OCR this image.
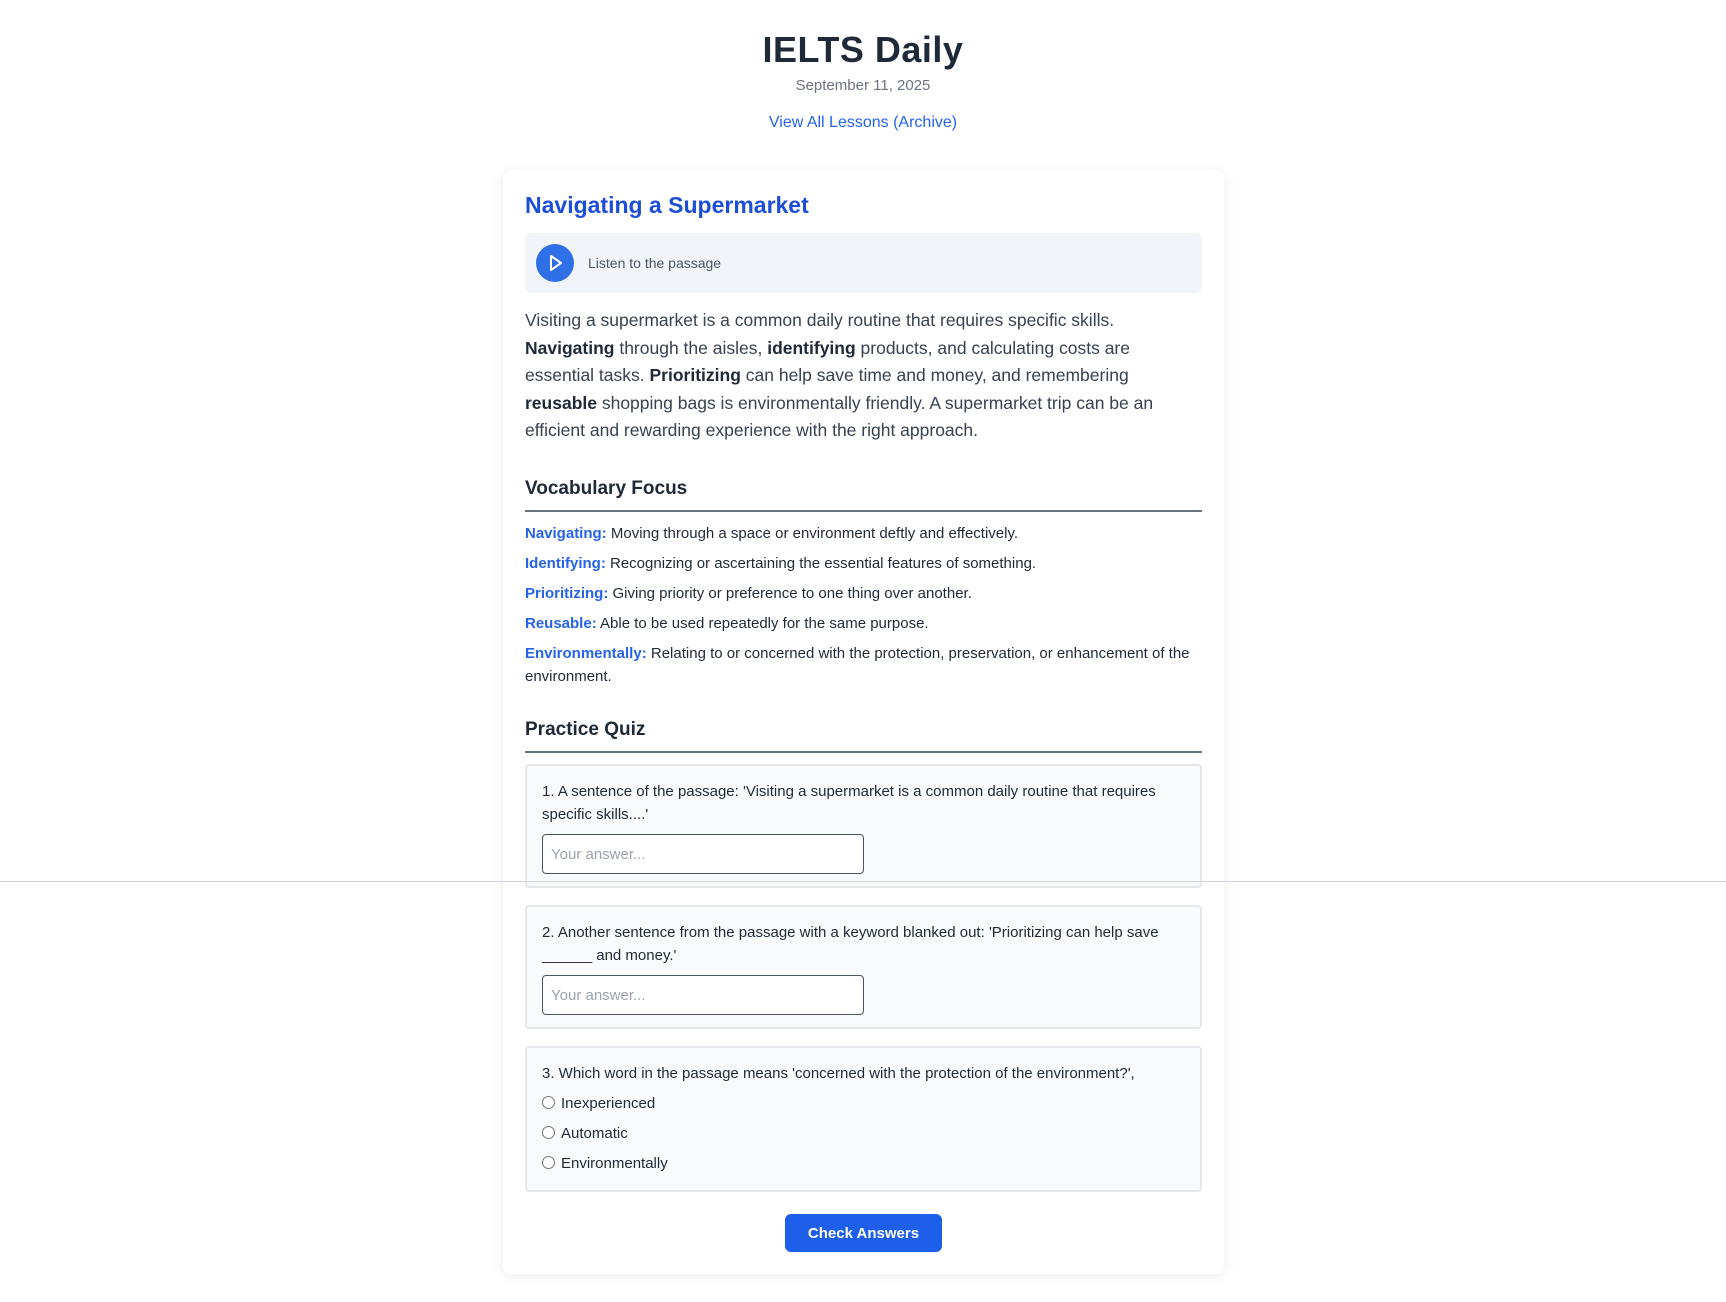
IELTS Daily
September 11, 2025
View All Lessons (Archive)
Navigating a Supermarket
Listen to the passage

Visiting a supermarket is a common daily routine that requires specific skills. Navigating through the aisles, identifying products, and calculating costs are essential tasks. Prioritizing can help save time and money, and remembering reusable shopping bags is environmentally friendly. A supermarket trip can be an efficient and rewarding experience with the right approach.

Vocabulary Focus
Navigating: Moving through a space or environment deftly and effectively.
Identifying: Recognizing or ascertaining the essential features of something.
Prioritizing: Giving priority or preference to one thing over another.
Reusable: Able to be used repeatedly for the same purpose.
Environmentally: Relating to or concerned with the protection, preservation, or enhancement of the environment.
Practice Quiz

1. A sentence of the passage: 'Visiting a supermarket is a common daily routine that requires specific skills....'

Your answer...

2. Another sentence from the passage with a keyword blanked out: 'Prioritizing can help save ______ and money.'

Your answer...

3. Which word in the passage means 'concerned with the protection of the environment?',

Inexperienced
Automatic
Environmentally
Check Answers
